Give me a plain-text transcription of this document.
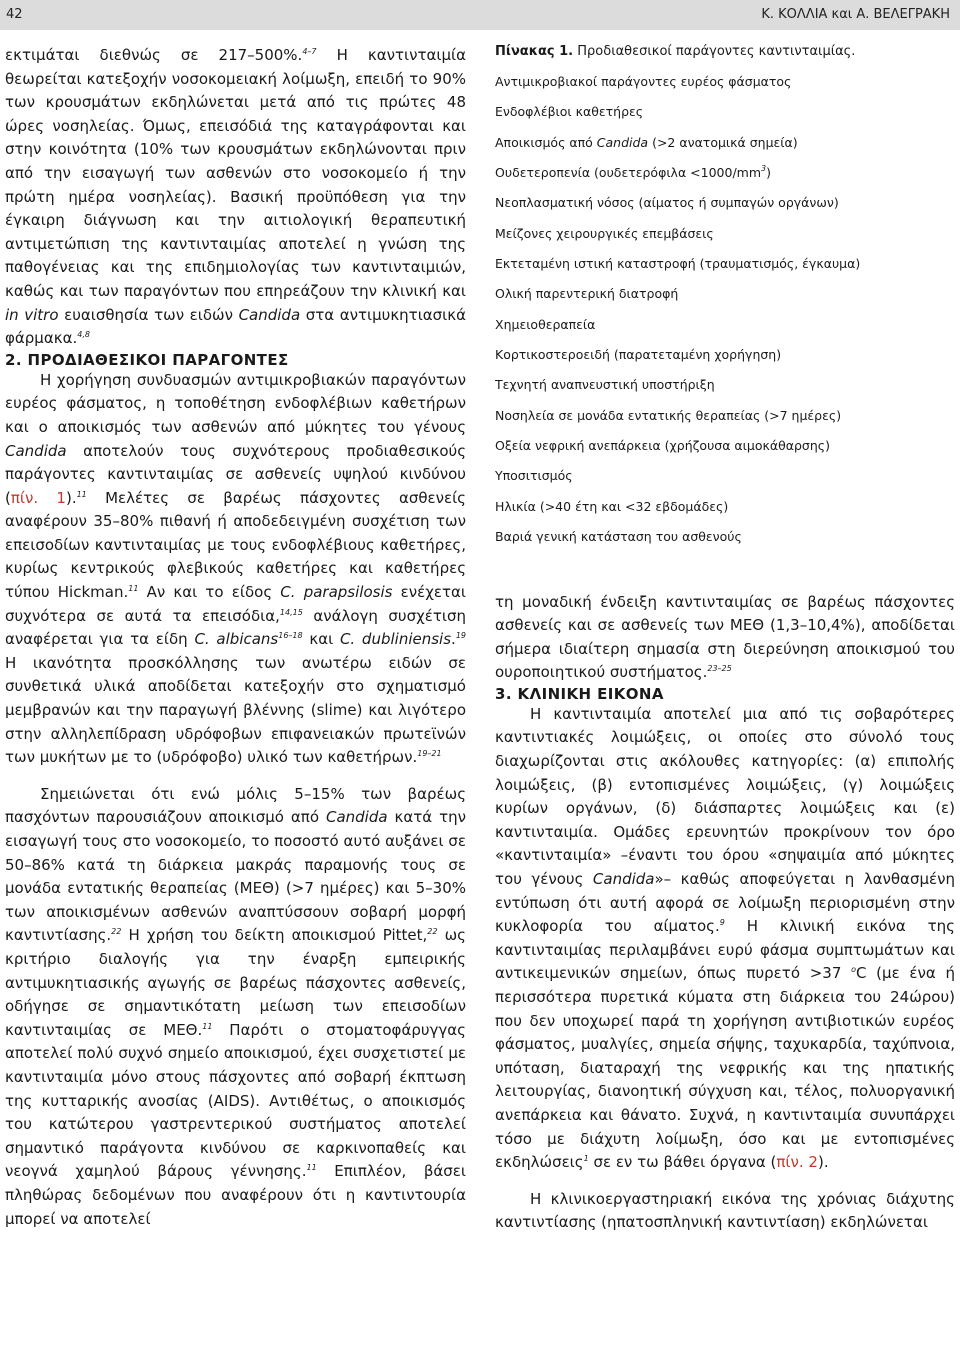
42	Κ. ΚΟΛΛΙΑ και Α. ΒΕΛΕΓΡΑΚΗ

εκτιμάται διεθνώς σε 217–500%.$^{4-7}$ Η καντινταιμία θεωρείται κατεξοχήν νοσοκομειακή λοίμωξη, επειδή το 90% των κρουσμάτων εκδηλώνεται μετά από τις πρώτες 48 ώρες νοσηλείας. Όμως, επεισόδιά της καταγράφονται και στην κοινότητα (10% των κρουσμάτων εκδηλώνονται πριν από την εισαγωγή των ασθενών στο νοσοκομείο ή την πρώτη ημέρα νοσηλείας). Βασική προϋπόθεση για την έγκαιρη διάγνωση και την αιτιολογική θεραπευτική αντιμετώπιση της καντινταιμίας αποτελεί η γνώση της παθογένειας και της επιδημιολογίας των καντινταιμιών, καθώς και των παραγόντων που επηρεάζουν την κλινική και in vitro ευαισθησία των ειδών Candida στα αντιμυκητιασικά φάρμακα.$^{4,8}$

2. ΠΡΟΔΙΑΘΕΣΙΚΟΙ ΠΑΡΑΓΟΝΤΕΣ

Η χορήγηση συνδυασμών αντιμικροβιακών παραγόντων ευρέος φάσματος, η τοποθέτηση ενδοφλέβιων καθετήρων και ο αποικισμός των ασθενών από μύκητες του γένους Candida αποτελούν τους συχνότερους προδιαθεσικούς παράγοντες καντινταιμίας σε ασθενείς υψηλού κινδύνου (πίν. 1).$^{11}$ Μελέτες σε βαρέως πάσχοντες ασθενείς αναφέρουν 35–80% πιθανή ή αποδεδειγμένη συσχέτιση των επεισοδίων καντινταιμίας με τους ενδοφλέβιους καθετήρες, κυρίως κεντρικούς φλεβικούς καθετήρες και καθετήρες τύπου Hickman.$^{11}$ Αν και το είδος C. parapsilosis ενέχεται συχνότερα σε αυτά τα επεισόδια,$^{14,15}$ ανάλογη συσχέτιση αναφέρεται για τα είδη C. albicans$^{16-18}$ και C. dubliniensis.$^{19}$ Η ικανότητα προσκόλλησης των ανωτέρω ειδών σε συνθετικά υλικά αποδίδεται κατεξοχήν στο σχηματισμό μεμβρανών και την παραγωγή βλέννης (slime) και λιγότερο στην αλληλεπίδραση υδρόφοβων επιφανειακών πρωτεϊνών των μυκήτων με το (υδρόφοβο) υλικό των καθετήρων.$^{19-21}$

Σημειώνεται ότι ενώ μόλις 5–15% των βαρέως πασχόντων παρουσιάζουν αποικισμό από Candida κατά την εισαγωγή τους στο νοσοκομείο, το ποσοστό αυτό αυξάνει σε 50–86% κατά τη διάρκεια μακράς παραμονής τους σε μονάδα εντατικής θεραπείας (ΜΕΘ) (>7 ημέρες) και 5–30% των αποικισμένων ασθενών αναπτύσσουν σοβαρή μορφή καντιντίασης.$^{22}$ Η χρήση του δείκτη αποικισμού Pittet,$^{22}$ ως κριτήριο διαλογής για την έναρξη εμπειρικής αντιμυκητιασικής αγωγής σε βαρέως πάσχοντες ασθενείς, οδήγησε σε σημαντικότατη μείωση των επεισοδίων καντινταιμίας σε ΜΕΘ.$^{11}$ Παρότι ο στοματοφάρυγγας αποτελεί πολύ συχνό σημείο αποικισμού, έχει συσχετιστεί με καντινταιμία μόνο στους πάσχοντες από σοβαρή έκπτωση της κυτταρικής ανοσίας (AIDS). Αντιθέτως, ο αποικισμός του κατώτερου γαστρεντερικού συστήματος αποτελεί σημαντικό παράγοντα κινδύνου σε καρκινοπαθείς και νεογνά χαμηλού βάρους γέννησης.$^{11}$ Επιπλέον, βάσει πληθώρας δεδομένων που αναφέρουν ότι η καντιντουρία μπορεί να αποτελεί

Πίνακας 1. Προδιαθεσικοί παράγοντες καντινταιμίας.
Αντιμικροβιακοί παράγοντες ευρέος φάσματος
Ενδοφλέβιοι καθετήρες
Αποικισμός από Candida (>2 ανατομικά σημεία)
Ουδετεροπενία $(o\upsilon\delta\varepsilon\tau\varepsilon\rho ό\varphi\iota\lambda\alpha <1000/mm^3)$
Νεοπλασματική νόσος (αίματος ή συμπαγών οργάνων)
Μείζονες χειρουργικές επεμβάσεις
Εκτεταμένη ιστική καταστροφή (τραυματισμός, έγκαυμα)
Ολική παρεντερική διατροφή
Χημειοθεραπεία
Κορτικοστεροειδή (παρατεταμένη χορήγηση)
Τεχνητή αναπνευστική υποστήριξη
Νοσηλεία σε μονάδα εντατικής θεραπείας (>7 ημέρες)
Οξεία νεφρική ανεπάρκεια (χρήζουσα αιμοκάθαρσης)
Υποσιτισμός
Ηλικία (>40 έτη και <32 εβδομάδες)
Βαριά γενική κατάσταση του ασθενούς

τη μοναδική ένδειξη καντινταιμίας σε βαρέως πάσχοντες ασθενείς και σε ασθενείς των ΜΕΘ (1,3–10,4%), αποδίδεται σήμερα ιδιαίτερη σημασία στη διερεύνηση αποικισμού του ουροποιητικού συστήματος.$^{23-25}$

3. ΚΛΙΝΙΚΗ ΕΙΚΟΝΑ

Η καντινταιμία αποτελεί μια από τις σοβαρότερες καντιντιακές λοιμώξεις, οι οποίες στο σύνολό τους διαχωρίζονται στις ακόλουθες κατηγορίες: (α) επιπολής λοιμώξεις, (β) εντοπισμένες λοιμώξεις, (γ) λοιμώξεις κυρίων οργάνων, (δ) διάσπαρτες λοιμώξεις και (ε) καντινταιμία. Ομάδες ερευνητών προκρίνουν τον όρο «καντινταιμία» –έναντι του όρου «σηψαιμία από μύκητες του γένους Candida»– καθώς αποφεύγεται η λανθασμένη εντύπωση ότι αυτή αφορά σε λοίμωξη περιορισμένη στην κυκλοφορία του αίματος.$^9$ Η κλινική εικόνα της καντινταιμίας περιλαμβάνει ευρύ φάσμα συμπτωμάτων και αντικειμενικών σημείων, όπως πυρετό >37 $^o$C (με ένα ή περισσότερα πυρετικά κύματα στη διάρκεια του 24ώρου) που δεν υποχωρεί παρά τη χορήγηση αντιβιοτικών ευρέος φάσματος, μυαλγίες, σημεία σήψης, ταχυκαρδία, ταχύπνοια, υπόταση, διαταραχή της νεφρικής και της ηπατικής λειτουργίας, διανοητική σύγχυση και, τέλος, πολυοργανική ανεπάρκεια και θάνατο. Συχνά, η καντινταιμία συνυπάρχει τόσο με διάχυτη λοίμωξη, όσο και με εντοπισμένες εκδηλώσεις$^1$ σε εν τω βάθει όργανα (πίν. 2).

Η κλινικοεργαστηριακή εικόνα της χρόνιας διάχυτης καντιντίασης (ηπατοσπληνική καντιντίαση) εκδηλώνεται
